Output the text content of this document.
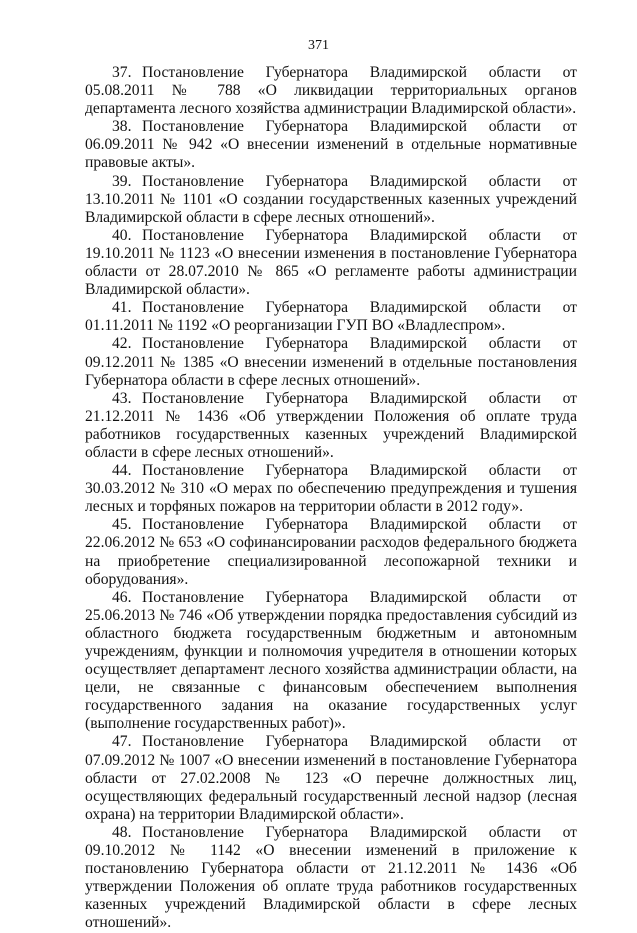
371

37. Постановление Губернатора Владимирской области от 05.08.2011 № 788 «О ликвидации территориальных органов департамента лесного хозяйства администрации Владимирской области».

38. Постановление Губернатора Владимирской области от 06.09.2011 № 942 «О внесении изменений в отдельные нормативные правовые акты».

39. Постановление Губернатора Владимирской области от 13.10.2011 № 1101 «О создании государственных казенных учреждений Владимирской области в сфере лесных отношений».

40. Постановление Губернатора Владимирской области от 19.10.2011 № 1123 «О внесении изменения в постановление Губернатора области от 28.07.2010 № 865 «О регламенте работы администрации Владимирской области».

41. Постановление Губернатора Владимирской области от 01.11.2011 № 1192 «О реорганизации ГУП ВО «Владлеспром».

42. Постановление Губернатора Владимирской области от 09.12.2011 № 1385 «О внесении изменений в отдельные постановления Губернатора области в сфере лесных отношений».

43. Постановление Губернатора Владимирской области от 21.12.2011 № 1436 «Об утверждении Положения об оплате труда работников государственных казенных учреждений Владимирской области в сфере лесных отношений».

44. Постановление Губернатора Владимирской области от 30.03.2012 № 310 «О мерах по обеспечению предупреждения и тушения лесных и торфяных пожаров на территории области в 2012 году».

45. Постановление Губернатора Владимирской области от 22.06.2012 № 653 «О софинансировании расходов федерального бюджета на приобретение специализированной лесопожарной техники и оборудования».

46. Постановление Губернатора Владимирской области от 25.06.2013 № 746 «Об утверждении порядка предоставления субсидий из областного бюджета государственным бюджетным и автономным учреждениям, функции и полномочия учредителя в отношении которых осуществляет департамент лесного хозяйства администрации области, на цели, не связанные с финансовым обеспечением выполнения государственного задания на оказание государственных услуг (выполнение государственных работ)».

47. Постановление Губернатора Владимирской области от 07.09.2012 № 1007 «О внесении изменений в постановление Губернатора области от 27.02.2008 № 123 «О перечне должностных лиц, осуществляющих федеральный государственный лесной надзор (лесная охрана) на территории Владимирской области».

48. Постановление Губернатора Владимирской области от 09.10.2012 № 1142 «О внесении изменений в приложение к постановлению Губернатора области от 21.12.2011 № 1436 «Об утверждении Положения об оплате труда работников государственных казенных учреждений Владимирской области в сфере лесных отношений».
